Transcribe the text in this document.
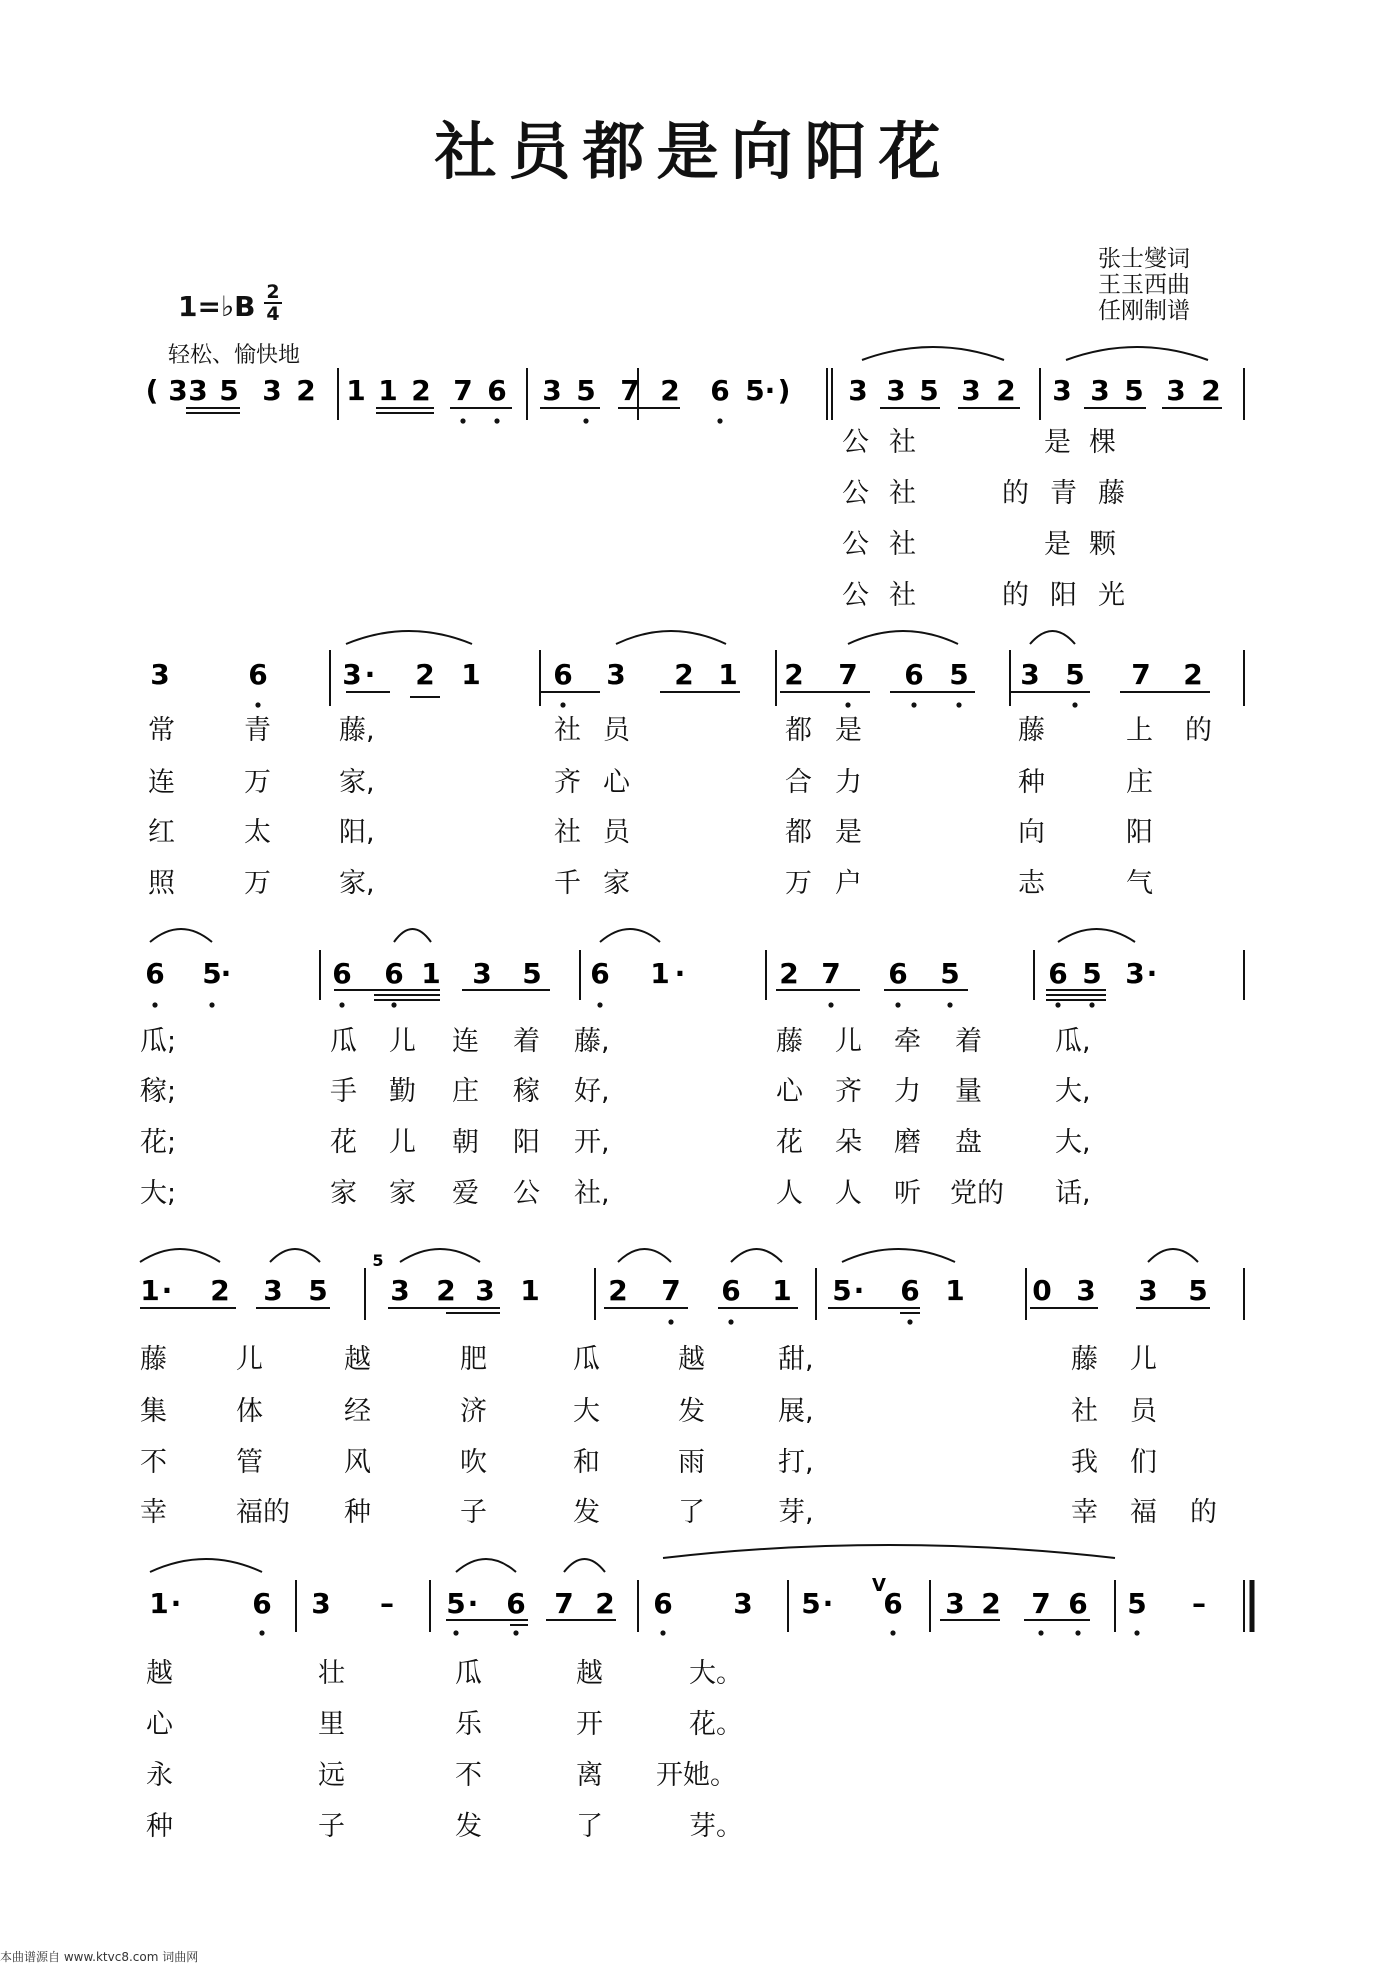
社员都是向阳花
张士燮词
王玉西曲
任刚制谱
1=♭B 2
4
轻松、愉快地
3 3 5 3 2
(	1 1 2 7 6 3 5 7 2 6 5 · ) 3 3 5 3 2 3 3 5 3 2
3	6	3 · 2 1	6 3 2 1 2 7 6 5 3 5 7 2
6 5
·	6 6 1 3 5 6 1 ·	2 7 6 5	6 5 3 ·
1 · 2 3 5 3 2 3 1
5
2 7 6 1 5 · 6 1 0 3 3 5
1 ·	6 3 – 5 · 6 7 2 6 3 5 · 6
V
3 2 7 6 5 –
公 社	是 棵
公 社	的 青 藤
公 社	是 颗
公 社	的 阳 光
常	青	藤,	社 员	都 是	藤	上 的
连	万	家,	齐 心	合 力	种	庄
红	太	阳,	社 员	都 是	向	阳
照	万	家,	千 家	万 户	志	气
瓜;	瓜 儿 连 着 藤,	藤 儿 牵 着	瓜,
稼;	手 勤 庄 稼 好,	心 齐 力 量	大,
花;	花 儿 朝 阳 开,	花 朵 磨 盘	大,
大;	家 家 爱 公 社,	人 人 听 党的 话,
藤	儿	越	肥	瓜	越	甜,	藤 儿
集	体	经	济	大	发	展,	社 员
不	管	风	吹	和	雨	打,	我 们
幸	福的 种	子	发	了	芽,	幸 福 的
越	壮	瓜	越	大。
心	里	乐	开	花。
永	远	不	离 开她。
种	子	发	了	芽。
本曲谱源自 www.ktvc8.com 词曲网
